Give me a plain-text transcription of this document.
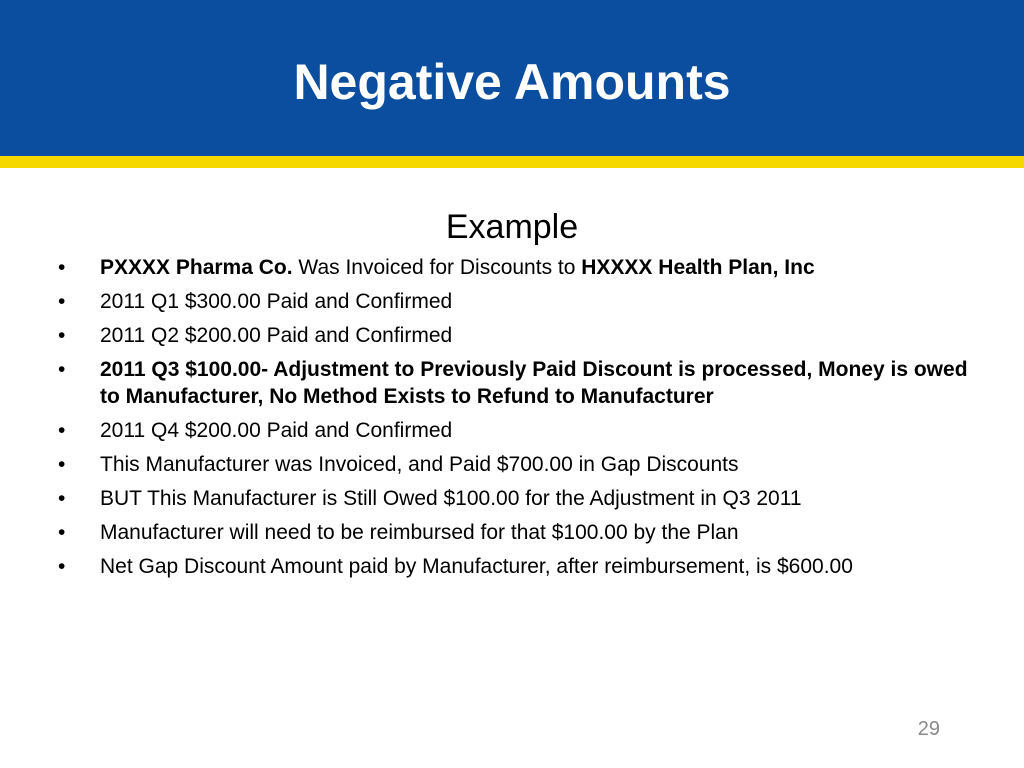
Negative Amounts
Example
• PXXXX Pharma Co. Was Invoiced for Discounts to HXXXX Health Plan, Inc
• 2011 Q1 $300.00 Paid and Confirmed
• 2011 Q2 $200.00 Paid and Confirmed
• 2011 Q3 $100.00- Adjustment to Previously Paid Discount is processed, Money is owed to Manufacturer, No Method Exists to Refund to Manufacturer
• 2011 Q4 $200.00 Paid and Confirmed
• This Manufacturer was Invoiced, and Paid $700.00 in Gap Discounts
• BUT This Manufacturer is Still Owed $100.00 for the Adjustment in Q3 2011
• Manufacturer will need to be reimbursed for that $100.00 by the Plan
• Net Gap Discount Amount paid by Manufacturer, after reimbursement, is $600.00
29
